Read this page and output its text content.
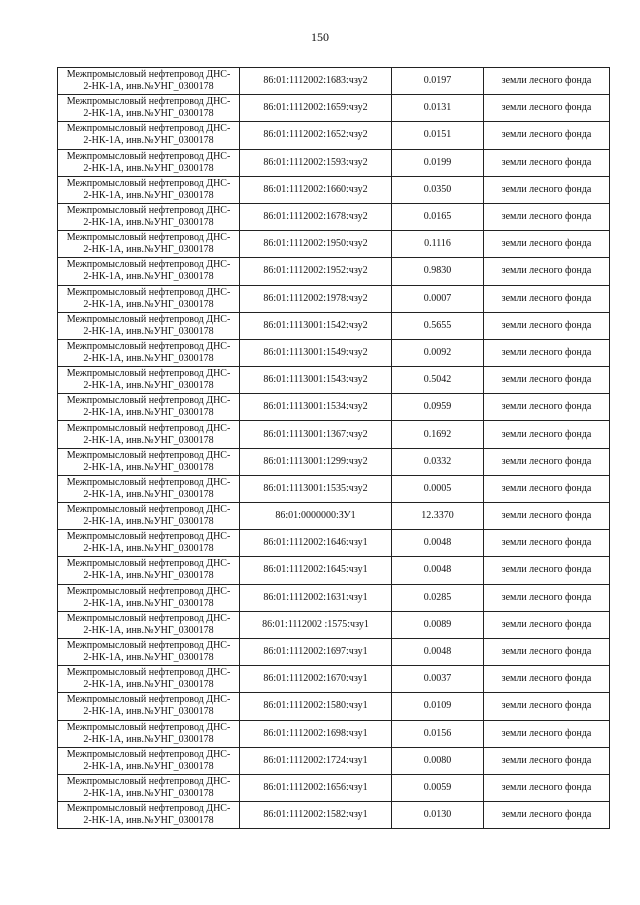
150
Межпромысловый нефтепровод ДНС-
2-НК-1А, инв.№УНГ_0300178	86:01:1112002:1683:чзу2	0.0197	земли лесного фонда

Межпромысловый нефтепровод ДНС-
2-НК-1А, инв.№УНГ_0300178	86:01:1112002:1659:чзу2	0.0131	земли лесного фонда

Межпромысловый нефтепровод ДНС-
2-НК-1А, инв.№УНГ_0300178	86:01:1112002:1652:чзу2	0.0151	земли лесного фонда

Межпромысловый нефтепровод ДНС-
2-НК-1А, инв.№УНГ_0300178	86:01:1112002:1593:чзу2	0.0199	земли лесного фонда

Межпромысловый нефтепровод ДНС-
2-НК-1А, инв.№УНГ_0300178	86:01:1112002:1660:чзу2	0.0350	земли лесного фонда

Межпромысловый нефтепровод ДНС-
2-НК-1А, инв.№УНГ_0300178	86:01:1112002:1678:чзу2	0.0165	земли лесного фонда

Межпромысловый нефтепровод ДНС-
2-НК-1А, инв.№УНГ_0300178	86:01:1112002:1950:чзу2	0.1116	земли лесного фонда

Межпромысловый нефтепровод ДНС-
2-НК-1А, инв.№УНГ_0300178	86:01:1112002:1952:чзу2	0.9830	земли лесного фонда

Межпромысловый нефтепровод ДНС-
2-НК-1А, инв.№УНГ_0300178	86:01:1112002:1978:чзу2	0.0007	земли лесного фонда

Межпромысловый нефтепровод ДНС-
2-НК-1А, инв.№УНГ_0300178	86:01:1113001:1542:чзу2	0.5655	земли лесного фонда

Межпромысловый нефтепровод ДНС-
2-НК-1А, инв.№УНГ_0300178	86:01:1113001:1549:чзу2	0.0092	земли лесного фонда

Межпромысловый нефтепровод ДНС-
2-НК-1А, инв.№УНГ_0300178	86:01:1113001:1543:чзу2	0.5042	земли лесного фонда

Межпромысловый нефтепровод ДНС-
2-НК-1А, инв.№УНГ_0300178	86:01:1113001:1534:чзу2	0.0959	земли лесного фонда

Межпромысловый нефтепровод ДНС-
2-НК-1А, инв.№УНГ_0300178	86:01:1113001:1367:чзу2	0.1692	земли лесного фонда

Межпромысловый нефтепровод ДНС-
2-НК-1А, инв.№УНГ_0300178	86:01:1113001:1299:чзу2	0.0332	земли лесного фонда

Межпромысловый нефтепровод ДНС-
2-НК-1А, инв.№УНГ_0300178	86:01:1113001:1535:чзу2	0.0005	земли лесного фонда

Межпромысловый нефтепровод ДНС-
2-НК-1А, инв.№УНГ_0300178	86:01:0000000:ЗУ1	12.3370	земли лесного фонда

Межпромысловый нефтепровод ДНС-
2-НК-1А, инв.№УНГ_0300178	86:01:1112002:1646:чзу1	0.0048	земли лесного фонда

Межпромысловый нефтепровод ДНС-
2-НК-1А, инв.№УНГ_0300178	86:01:1112002:1645:чзу1	0.0048	земли лесного фонда

Межпромысловый нефтепровод ДНС-
2-НК-1А, инв.№УНГ_0300178	86:01:1112002:1631:чзу1	0.0285	земли лесного фонда

Межпромысловый нефтепровод ДНС-
2-НК-1А, инв.№УНГ_0300178	86:01:1112002 :1575:чзу1	0.0089	земли лесного фонда

Межпромысловый нефтепровод ДНС-
2-НК-1А, инв.№УНГ_0300178	86:01:1112002:1697:чзу1	0.0048	земли лесного фонда

Межпромысловый нефтепровод ДНС-
2-НК-1А, инв.№УНГ_0300178	86:01:1112002:1670:чзу1	0.0037	земли лесного фонда

Межпромысловый нефтепровод ДНС-
2-НК-1А, инв.№УНГ_0300178	86:01:1112002:1580:чзу1	0.0109	земли лесного фонда

Межпромысловый нефтепровод ДНС-
2-НК-1А, инв.№УНГ_0300178	86:01:1112002:1698:чзу1	0.0156	земли лесного фонда

Межпромысловый нефтепровод ДНС-
2-НК-1А, инв.№УНГ_0300178	86:01:1112002:1724:чзу1	0.0080	земли лесного фонда

Межпромысловый нефтепровод ДНС-
2-НК-1А, инв.№УНГ_0300178	86:01:1112002:1656:чзу1	0.0059	земли лесного фонда

Межпромысловый нефтепровод ДНС-
2-НК-1А, инв.№УНГ_0300178	86:01:1112002:1582:чзу1	0.0130	земли лесного фонда
